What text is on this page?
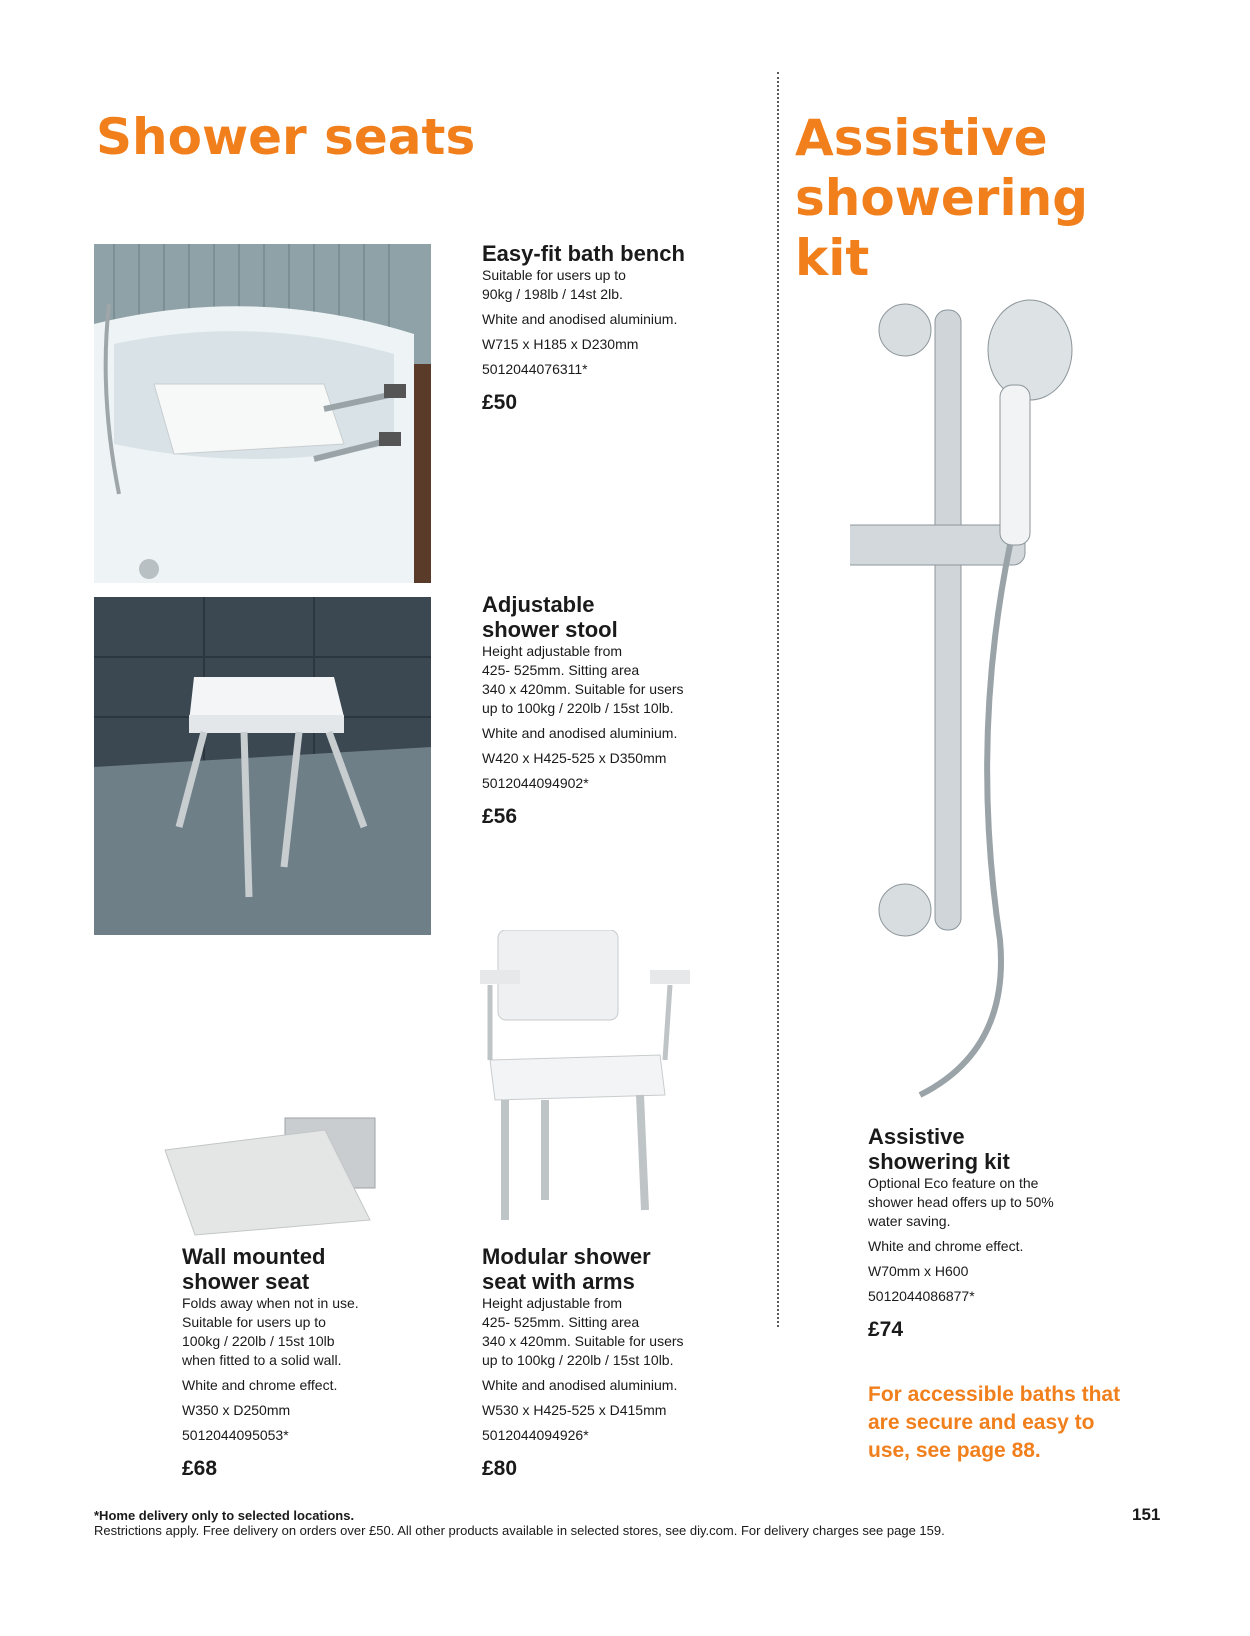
Shower seats	Assistive
showering
kit
Easy-fit bath bench
Suitable for users up to
90kg / 198lb / 14st 2lb.
White and anodised aluminium.
W715 x H185 x D230mm
5012044076311*
£50
Adjustable
shower stool
Height adjustable from
425- 525mm. Sitting area
340 x 420mm. Suitable for users
up to 100kg / 220lb / 15st 10lb.
White and anodised aluminium.
W420 x H425-525 x D350mm
5012044094902*
£56
Wall mounted
shower seat
Folds away when not in use.
Suitable for users up to
100kg / 220lb / 15st 10lb
when fitted to a solid wall.
White and chrome effect.
W350 x D250mm
5012044095053*
£68
Modular shower
seat with arms
Height adjustable from
425- 525mm. Sitting area
340 x 420mm. Suitable for users
up to 100kg / 220lb / 15st 10lb.
White and anodised aluminium.
W530 x H425-525 x D415mm
5012044094926*
£80
Assistive
showering kit
Optional Eco feature on the
shower head offers up to 50%
water saving.
White and chrome effect.
W70mm x H600
5012044086877*
£74
For accessible baths that
are secure and easy to
use, see page 88.
*Home delivery only to selected locations.
Restrictions apply. Free delivery on orders over £50. All other products available in selected stores, see diy.com. For delivery charges see page 159.
151
